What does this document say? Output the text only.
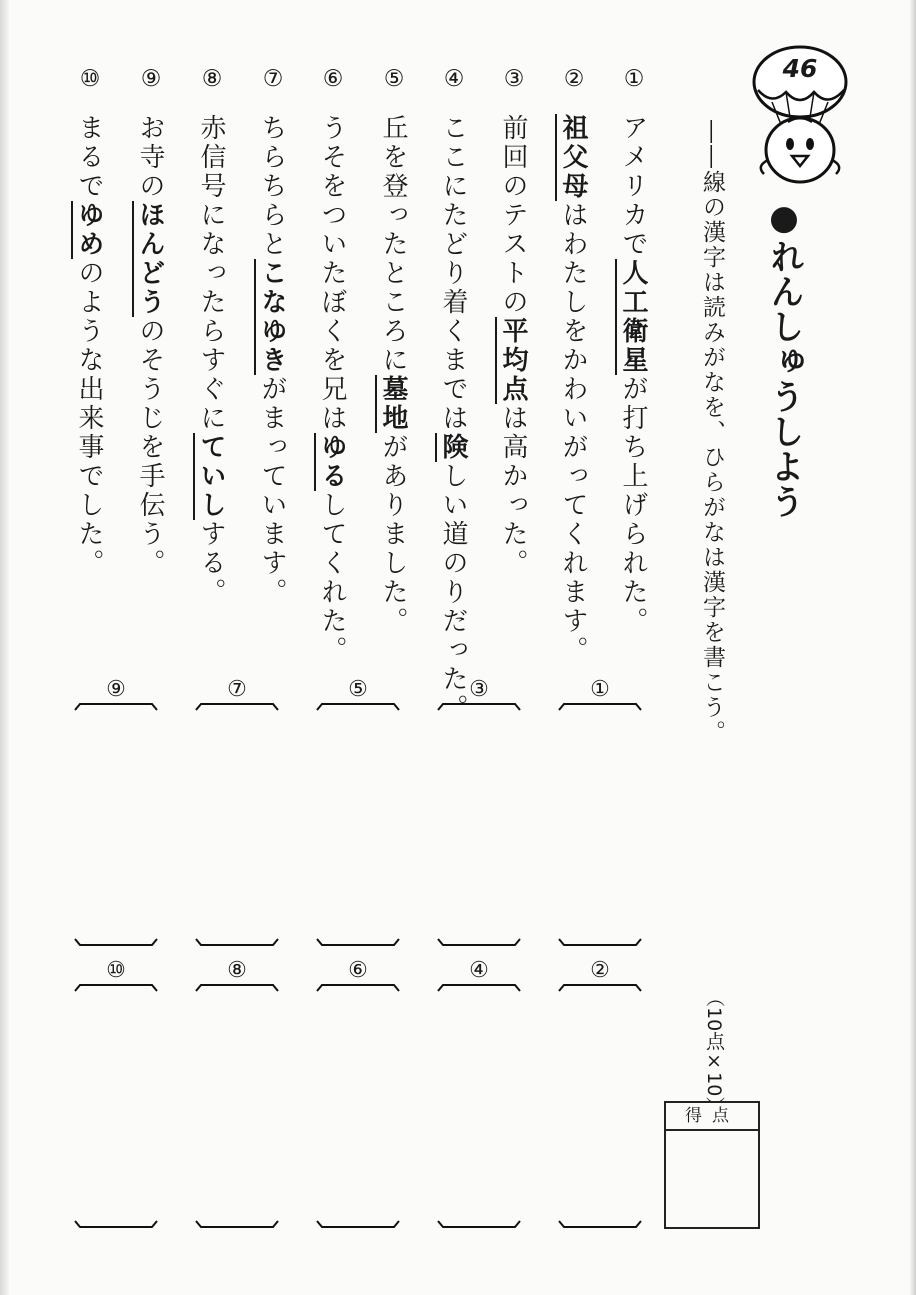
46
●れんしゅうしよう
――線の漢字は読みがなを、ひらがなは漢字を書こう。
①
②
③
④
⑤
⑥
⑦
⑧
⑨
⑩
アメリカで人工衛星が打ち上げられた。
祖父母はわたしをかわいがってくれます。
前回のテストの平均点は高かった。
ここにたどり着くまでは険しい道のりだった。
丘を登ったところに墓地がありました。
うそをついたぼくを兄はゆるしてくれた。
ちらちらとこなゆきがまっています。
赤信号になったらすぐにていしする。
お寺のほんどうのそうじを手伝う。
まるでゆめのような出来事でした。
①
③
⑤
⑦
⑨
②
④
⑥
⑧
⑩
（10点×10）
得点
